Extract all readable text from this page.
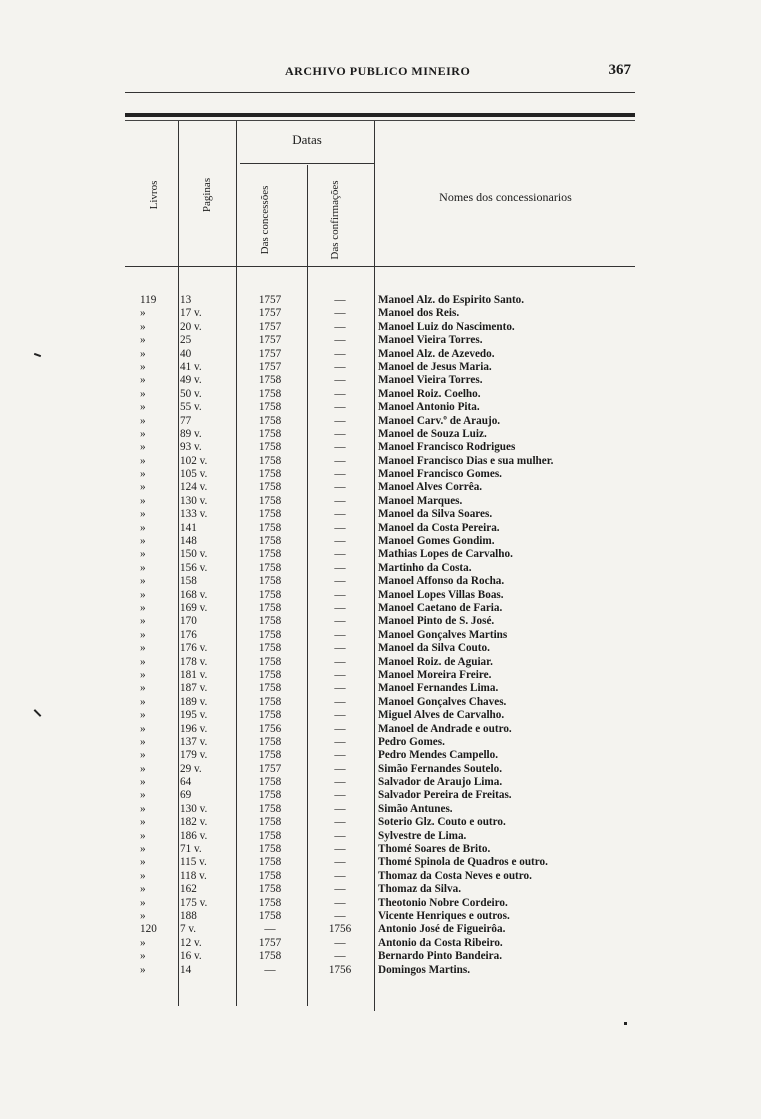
ARCHIVO PUBLICO MINEIRO	367
Livros	Paginas
Datas
Das concessões	Das confirmações	Nomes dos concessionarios
119	13	1757	—	Manoel Alz. do Espirito Santo.
»	17 v.	1757	—	Manoel dos Reis.
»	20 v.	1757	—	Manoel Luiz do Nascimento.
»	25	1757	—	Manoel Vieira Torres.
»	40	1757	—	Manoel Alz. de Azevedo.
»	41 v.	1757	—	Manoel de Jesus Maria.
»	49 v.	1758	—	Manoel Vieira Torres.
»	50 v.	1758	—	Manoel Roiz. Coelho.
»	55 v.	1758	—	Manoel Antonio Pita.
»	77	1758	—	Manoel Carv.º de Araujo.
»	89 v.	1758	—	Manoel de Souza Luiz.
»	93 v.	1758	—	Manoel Francisco Rodrigues
»	102 v.	1758	—	Manoel Francisco Dias e sua mulher.
»	105 v.	1758	—	Manoel Francisco Gomes.
»	124 v.	1758	—	Manoel Alves Corrêa.
»	130 v.	1758	—	Manoel Marques.
»	133 v.	1758	—	Manoel da Silva Soares.
»	141	1758	—	Manoel da Costa Pereira.
»	148	1758	—	Manoel Gomes Gondim.
»	150 v.	1758	—	Mathias Lopes de Carvalho.
»	156 v.	1758	—	Martinho da Costa.
»	158	1758	—	Manoel Affonso da Rocha.
»	168 v.	1758	—	Manoel Lopes Villas Boas.
»	169 v.	1758	—	Manoel Caetano de Faria.
»	170	1758	—	Manoel Pinto de S. José.
»	176	1758	—	Manoel Gonçalves Martins
»	176 v.	1758	—	Manoel da Silva Couto.
»	178 v.	1758	—	Manoel Roiz. de Aguiar.
»	181 v.	1758	—	Manoel Moreira Freire.
»	187 v.	1758	—	Manoel Fernandes Lima.
»	189 v.	1758	—	Manoel Gonçalves Chaves.
»	195 v.	1758	—	Miguel Alves de Carvalho.
»	196 v.	1756	—	Manoel de Andrade e outro.
»	137 v.	1758	—	Pedro Gomes.
»	179 v.	1758	—	Pedro Mendes Campello.
»	29 v.	1757	—	Simão Fernandes Soutelo.
»	64	1758	—	Salvador de Araujo Lima.
»	69	1758	—	Salvador Pereira de Freitas.
»	130 v.	1758	—	Simão Antunes.
»	182 v.	1758	—	Soterio Glz. Couto e outro.
»	186 v.	1758	—	Sylvestre de Lima.
»	71 v.	1758	—	Thomé Soares de Brito.
»	115 v.	1758	—	Thomé Spinola de Quadros e outro.
»	118 v.	1758	—	Thomaz da Costa Neves e outro.
»	162	1758	—	Thomaz da Silva.
»	175 v.	1758	—	Theotonio Nobre Cordeiro.
»	188	1758	—	Vicente Henriques e outros.
120	7 v.	—	1756	Antonio José de Figueirôa.
»	12 v.	1757	—	Antonio da Costa Ribeiro.
»	16 v.	1758	—	Bernardo Pinto Bandeira.
»	14	—	1756	Domingos Martins.
